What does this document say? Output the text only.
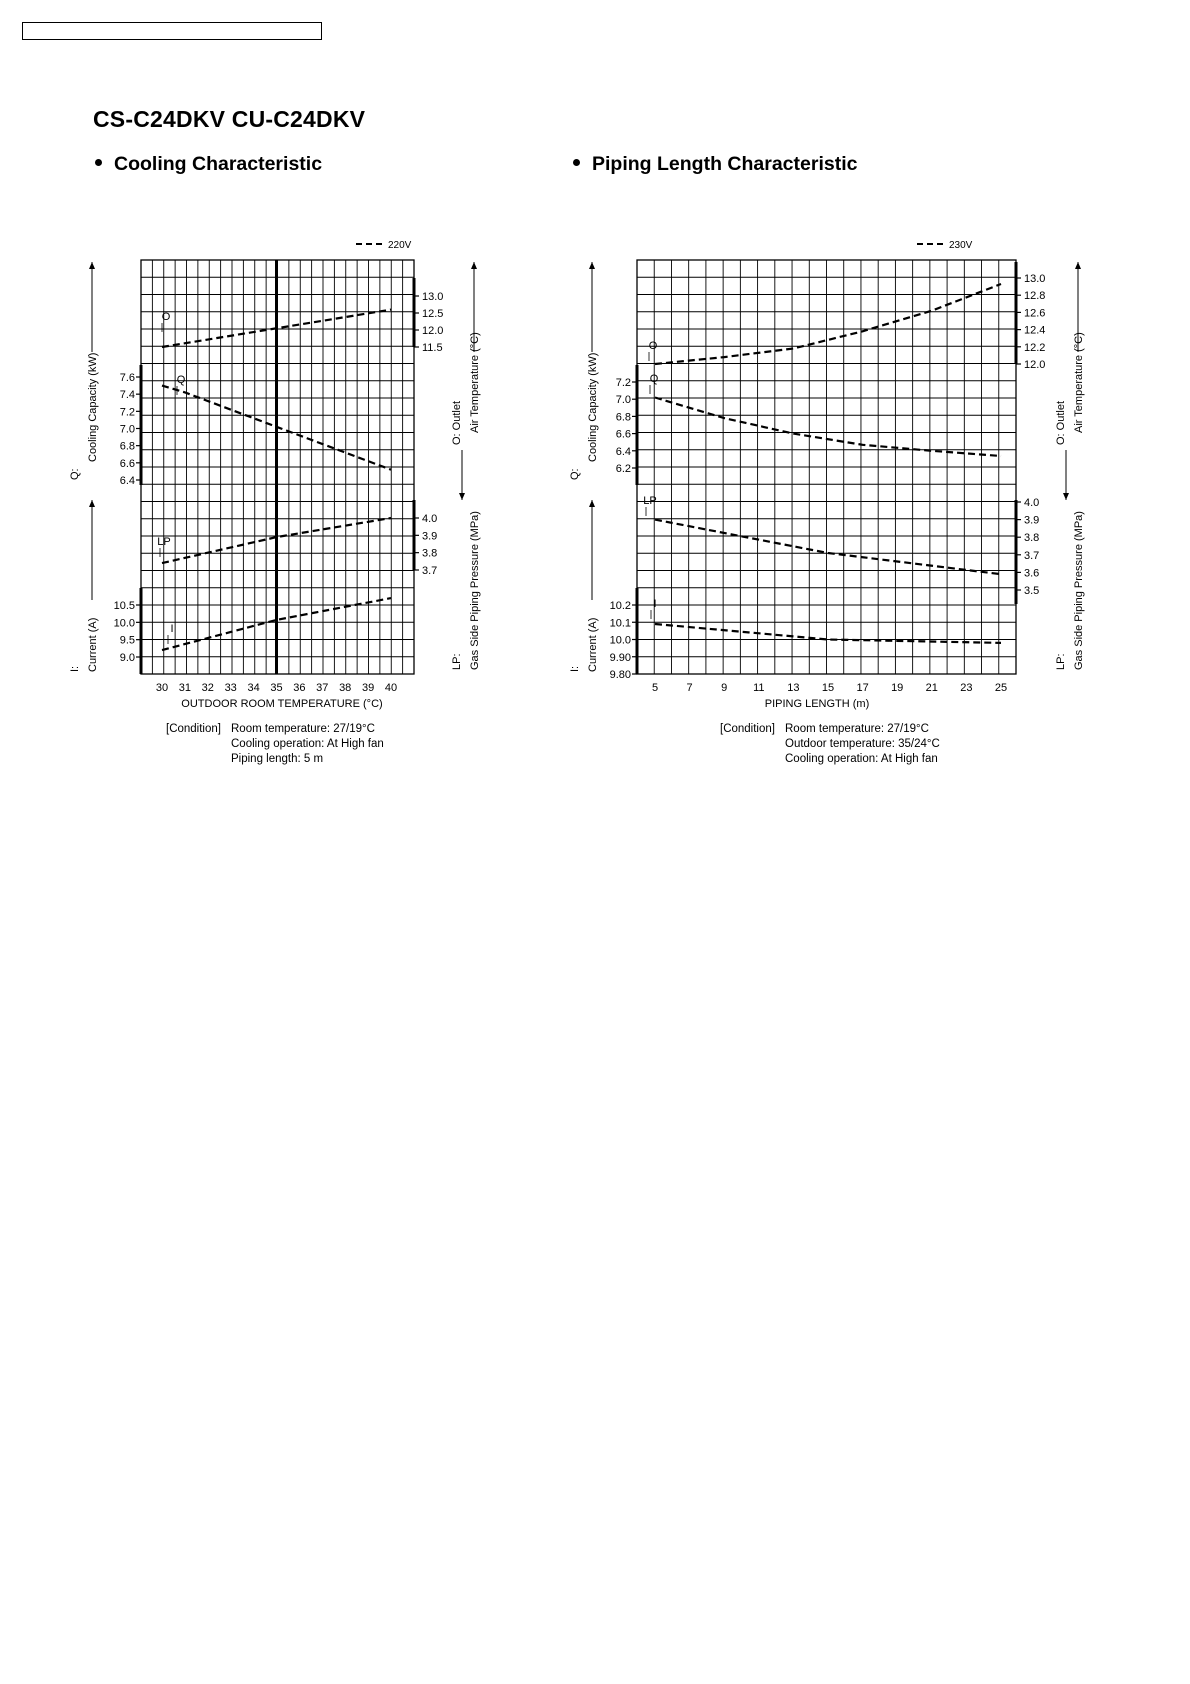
CS-C24DKV CU-C24DKV
Cooling Characteristic	Piping Length Characteristic
30 31 32 33 34 35 36 37 38 39 40
OUTDOOR ROOM TEMPERATURE (°C)
220V
13.0
12.5
12.0
11.5
O
7.6
7.4
7.2
7.0
6.8
6.6
6.4
Q
4.0
3.9
3.8
3.7
LP
10.5
10.0
9.5
9.0
I
Q:
Cooling Capacity (kW)
I: Current (A)
O: Outlet Air Temperature (°C)
LP: Gas Side Piping Pressure (MPa)
5	7	9 11 13 15 17 19 21 23 25
PIPING LENGTH (m)
230V
13.0
12.8
12.6
12.4
12.2
12.0
O
7.2
7.0
6.8
6.6
6.4
6.2
Q
4.0
3.9
3.8
3.7
3.6
3.5
LP
10.2
10.1
10.0
9.90
9.80
I
Q:
Cooling Capacity (kW)
I: Current (A)
O: Outlet Air Temperature (°C)
LP: Gas Side Piping Pressure (MPa)
[Condition] Room temperature: 27/19°C
Cooling operation: At High fan
Piping length: 5 m
[Condition] Room temperature: 27/19°C
Outdoor temperature: 35/24°C
Cooling operation: At High fan
